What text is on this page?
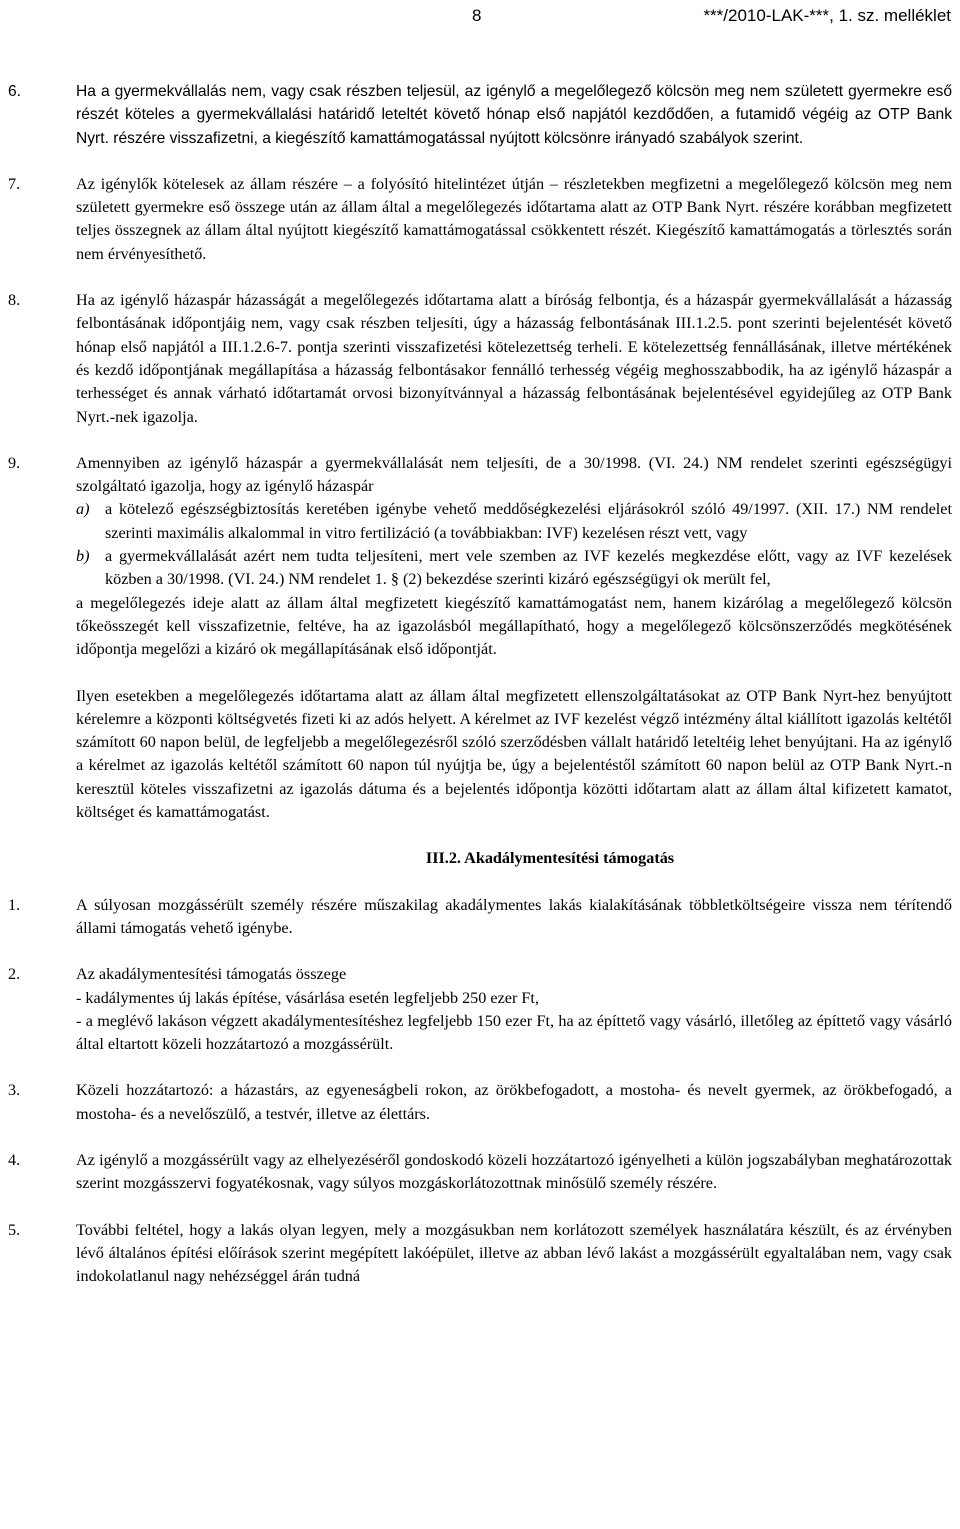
8	***/2010-LAK-***, 1. sz. melléklet
6.	Ha a gyermekvállalás nem, vagy csak részben teljesül, az igénylő a megelőlegező kölcsön meg nem született gyermekre eső részét köteles a gyermekvállalási határidő leteltét követő hónap első napjától kezdődően, a futamidő végéig az OTP Bank Nyrt. részére visszafizetni, a kiegészítő kamattámogatással nyújtott kölcsönre irányadó szabályok szerint.

7.	Az igénylők kötelesek az állam részére – a folyósító hitelintézet útján – részletekben megfizetni a megelőlegező kölcsön meg nem született gyermekre eső összege után az állam által a megelőlegezés időtartama alatt az OTP Bank Nyrt. részére korábban megfizetett teljes összegnek az állam által nyújtott kiegészítő kamattámogatással csökkentett részét. Kiegészítő kamattámogatás a törlesztés során nem érvényesíthető.

8.	Ha az igénylő házaspár házasságát a megelőlegezés időtartama alatt a bíróság felbontja, és a házaspár gyermekvállalását a házasság felbontásának időpontjáig nem, vagy csak részben teljesíti, úgy a házasság felbontásának III.1.2.5. pont szerinti bejelentését követő hónap első napjától a III.1.2.6-7. pontja szerinti visszafizetési kötelezettség terheli. E kötelezettség fennállásának, illetve mértékének és kezdő időpontjának megállapítása a házasság felbontásakor fennálló terhesség végéig meghosszabbodik, ha az igénylő házaspár a terhességet és annak várható időtartamát orvosi bizonyítvánnyal a házasság felbontásának bejelentésével egyidejűleg az OTP Bank Nyrt.-nek igazolja.

9.	Amennyiben az igénylő házaspár a gyermekvállalását nem teljesíti, de a 30/1998. (VI. 24.) NM rendelet szerinti egészségügyi szolgáltató igazolja, hogy az igénylő házaspár

a) a kötelező egészségbiztosítás keretében igénybe vehető meddőségkezelési eljárásokról szóló 49/1997. (XII. 17.) NM rendelet szerinti maximális alkalommal in vitro fertilizáció (a továbbiakban: IVF) kezelésen részt vett, vagy

b) a gyermekvállalását azért nem tudta teljesíteni, mert vele szemben az IVF kezelés megkezdése előtt, vagy az IVF kezelések közben a 30/1998. (VI. 24.) NM rendelet 1. § (2) bekezdése szerinti kizáró egészségügyi ok merült fel,

a megelőlegezés ideje alatt az állam által megfizetett kiegészítő kamattámogatást nem, hanem kizárólag a megelőlegező kölcsön tőkeösszegét kell visszafizetnie, feltéve, ha az igazolásból megállapítható, hogy a megelőlegező kölcsönszerződés megkötésének időpontja megelőzi a kizáró ok megállapításának első időpontját.

Ilyen esetekben a megelőlegezés időtartama alatt az állam által megfizetett ellenszolgáltatásokat az OTP Bank Nyrt-hez benyújtott kérelemre a központi költségvetés fizeti ki az adós helyett. A kérelmet az IVF kezelést végző intézmény által kiállított igazolás keltétől számított 60 napon belül, de legfeljebb a megelőlegezésről szóló szerződésben vállalt határidő leteltéig lehet benyújtani. Ha az igénylő a kérelmet az igazolás keltétől számított 60 napon túl nyújtja be, úgy a bejelentéstől számított 60 napon belül az OTP Bank Nyrt.-n keresztül köteles visszafizetni az igazolás dátuma és a bejelentés időpontja közötti időtartam alatt az állam által kifizetett kamatot, költséget és kamattámogatást.

III.2. Akadálymentesítési támogatás
1.	A súlyosan mozgássérült személy részére műszakilag akadálymentes lakás kialakításának többletköltségeire vissza nem térítendő állami támogatás vehető igénybe.

2.	Az akadálymentesítési támogatás összege

- kadálymentes új lakás építése, vásárlása esetén legfeljebb 250 ezer Ft,

- a meglévő lakáson végzett akadálymentesítéshez legfeljebb 150 ezer Ft, ha az építtető vagy vásárló, illetőleg az építtető vagy vásárló által eltartott közeli hozzátartozó a mozgássérült.

3.	Közeli hozzátartozó: a házastárs, az egyeneságbeli rokon, az örökbefogadott, a mostoha- és nevelt gyermek, az örökbefogadó, a mostoha- és a nevelőszülő, a testvér, illetve az élettárs.

4.	Az igénylő a mozgássérült vagy az elhelyezéséről gondoskodó közeli hozzátartozó igényelheti a külön jogszabályban meghatározottak szerint mozgásszervi fogyatékosnak, vagy súlyos mozgáskorlátozottnak minősülő személy részére.

5.	További feltétel, hogy a lakás olyan legyen, mely a mozgásukban nem korlátozott személyek használatára készült, és az érvényben lévő általános építési előírások szerint megépített lakóépület, illetve az abban lévő lakást a mozgássérült egyaltalában nem, vagy csak indokolatlanul nagy nehézséggel árán tudná
